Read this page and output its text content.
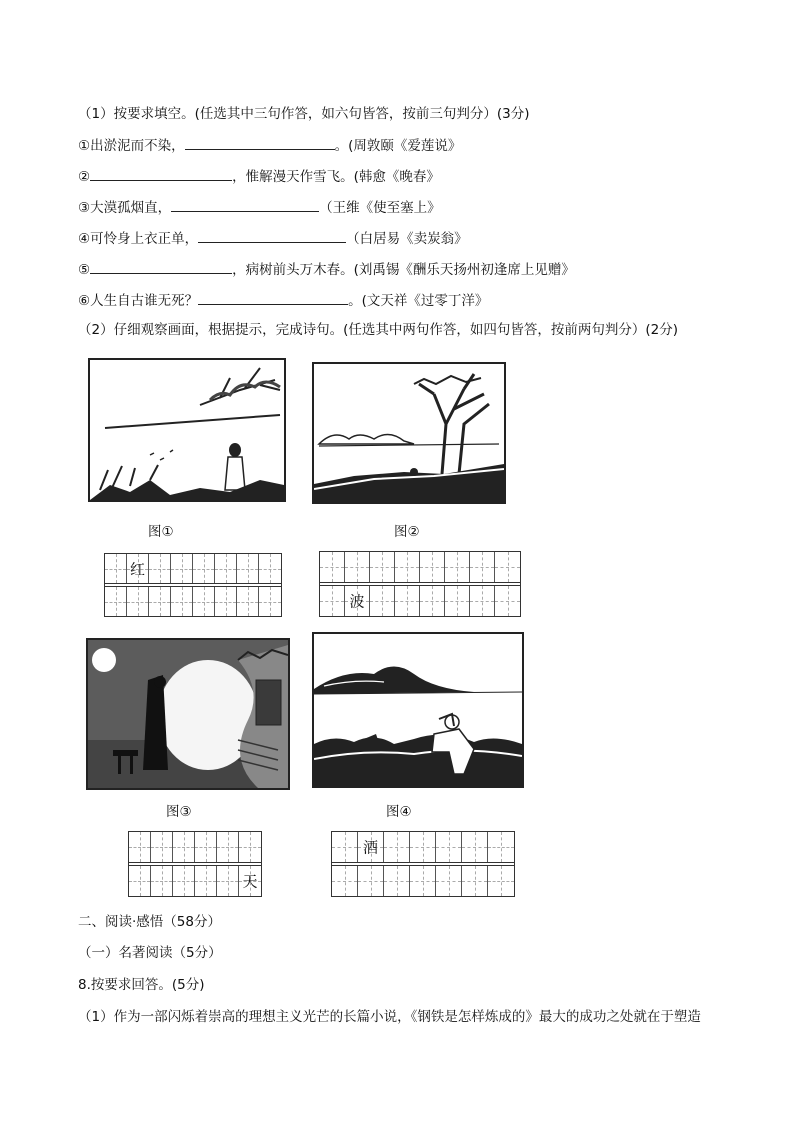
（1）按要求填空。(任选其中三句作答，如六句皆答，按前三句判分）(3分)
①出淤泥而不染，	。(周敦颐《爱莲说》
②	，惟解漫天作雪飞。(韩愈《晚春》
③大漠孤烟直，	（王维《使至塞上》
④可怜身上衣正单，	（白居易《卖炭翁》
⑤	，病树前头万木春。(刘禹锡《酬乐天扬州初逢席上见赠》
⑥人生自古谁无死？	。(文天祥《过零丁洋》
（2）仔细观察画面，根据提示，完成诗句。(任选其中两句作答，如四句皆答，按前两句判分）(2分)
图①
红
图②
波
图③
天
图④
酒
二、阅读·感悟（58分）
（一）名著阅读（5分）
8.按要求回答。(5分)
（1）作为一部闪烁着崇高的理想主义光芒的长篇小说，《钢铁是怎样炼成的》最大的成功之处就在于塑造
